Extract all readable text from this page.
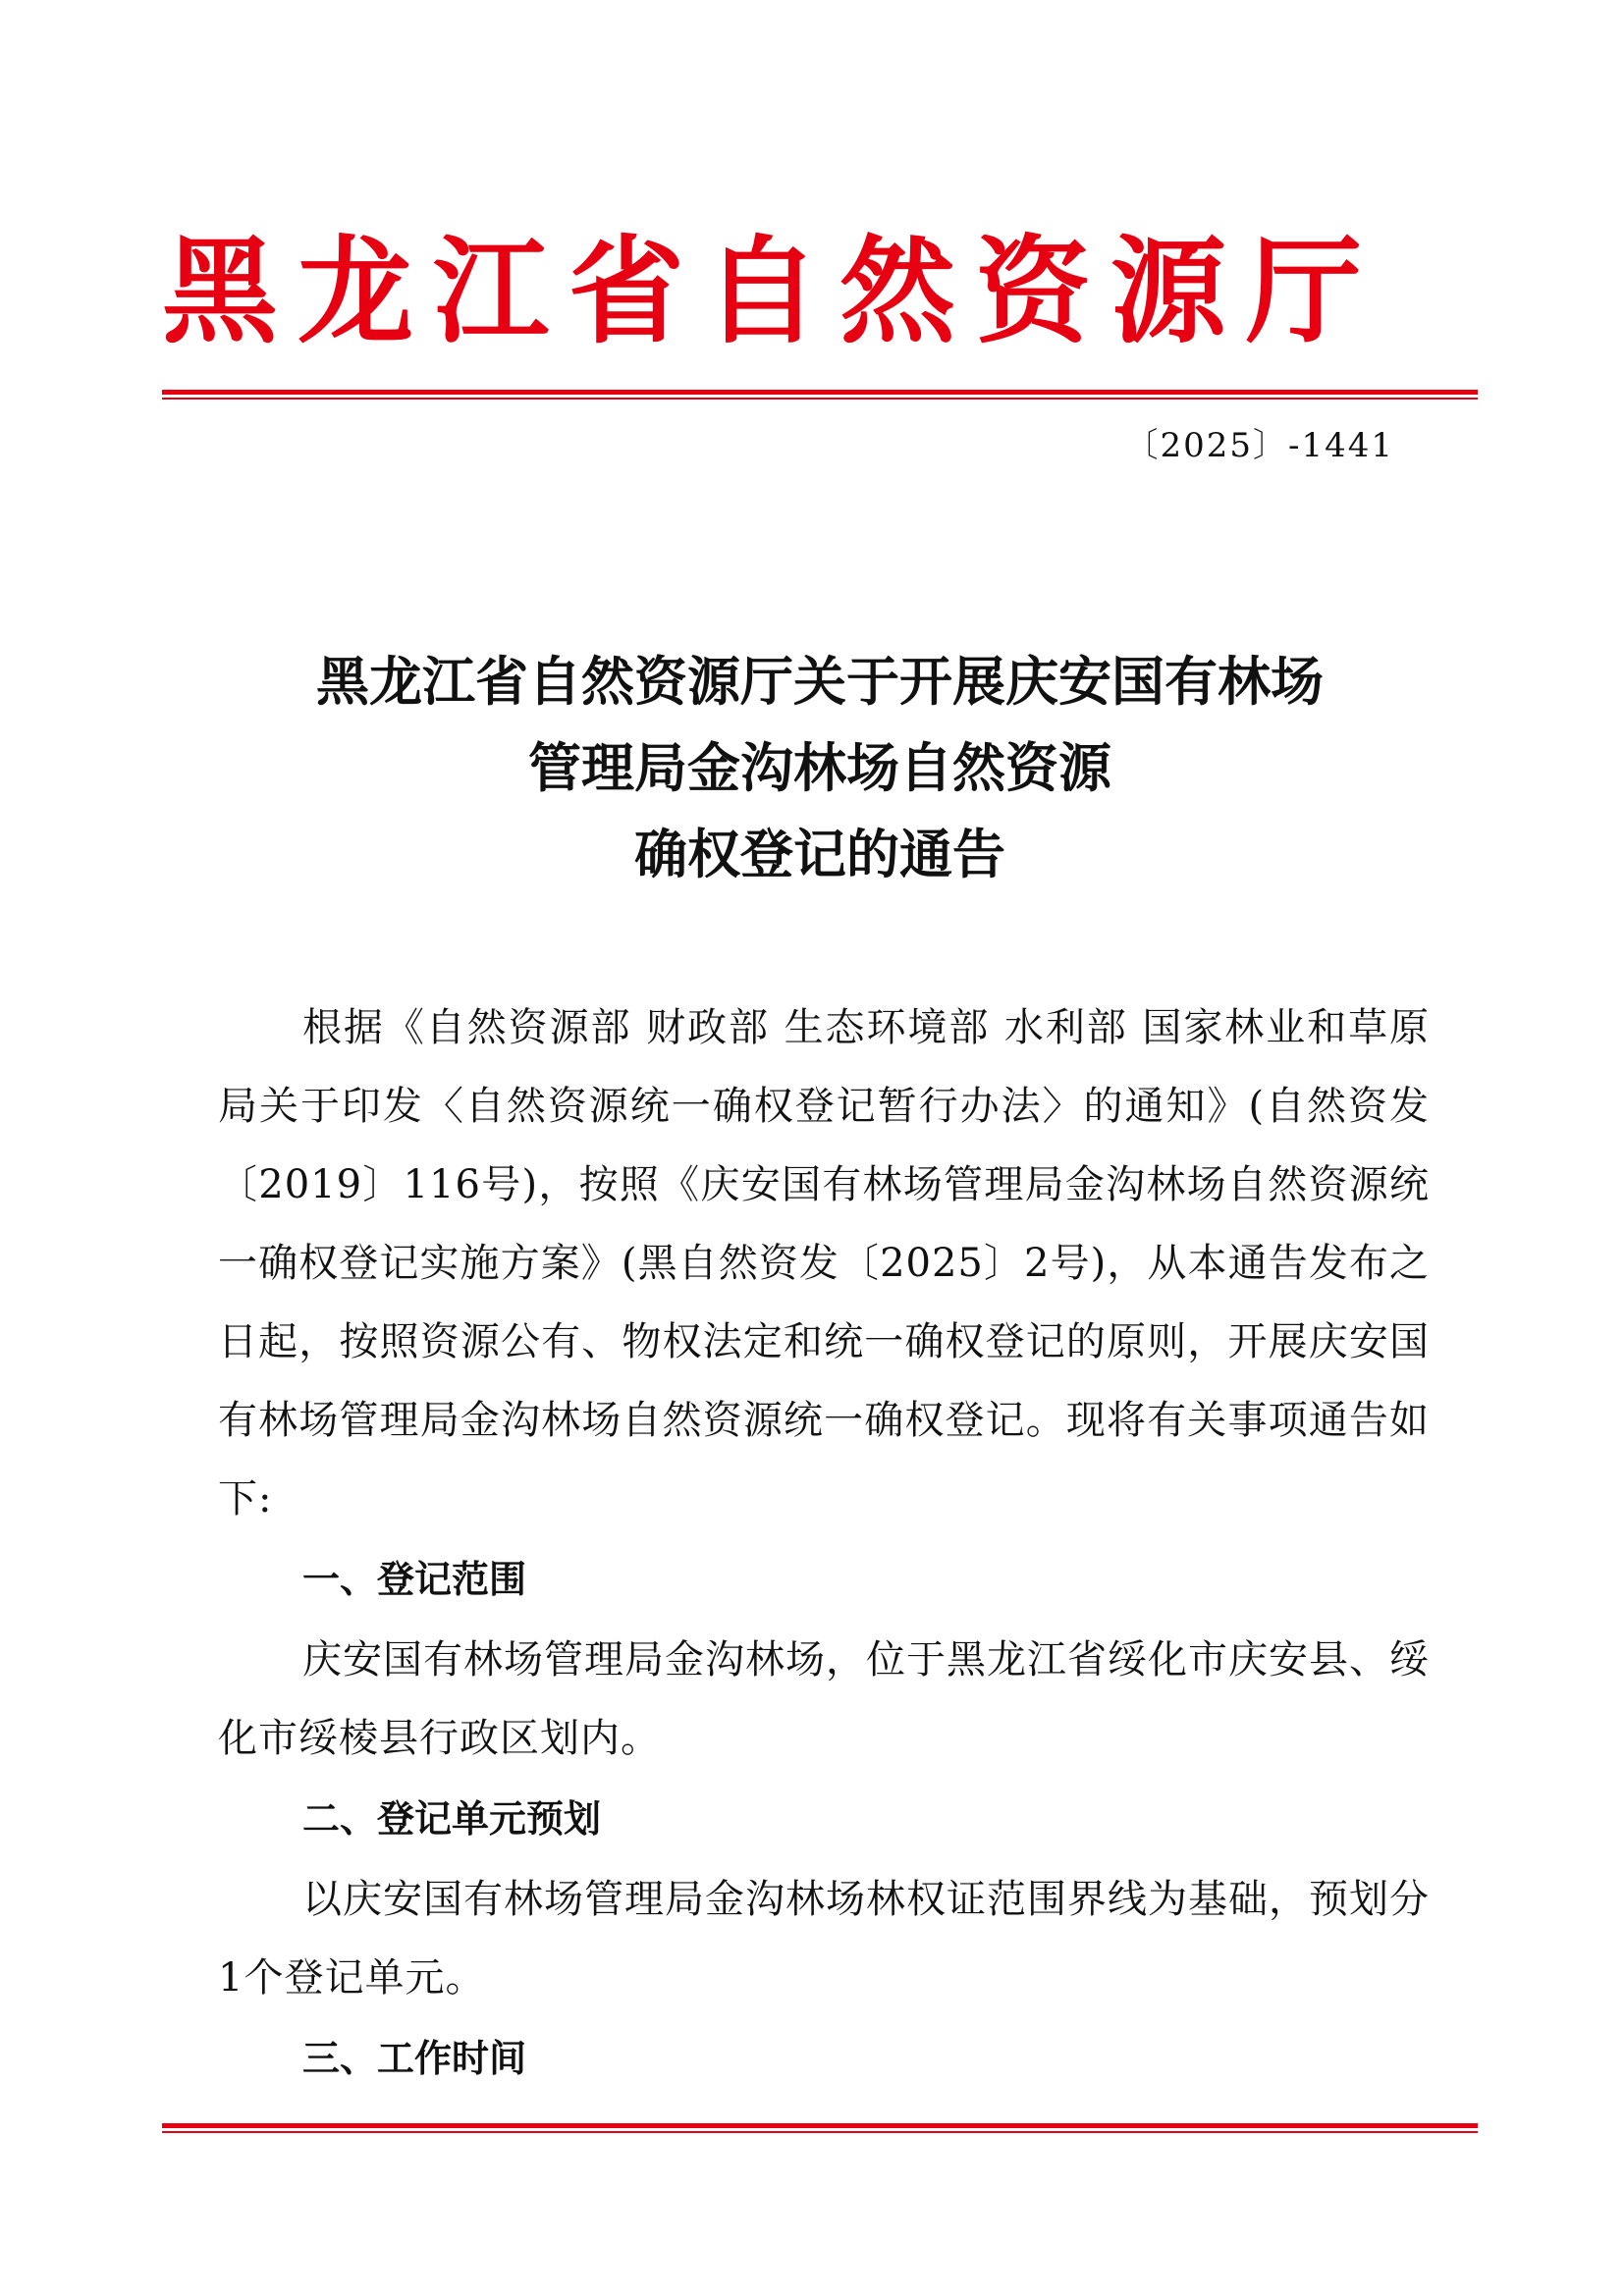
黑龙江省自然资源厅

〔2025〕-1441

黑龙江省自然资源厅关于开展庆安国有林场
管理局金沟林场自然资源
确权登记的通告

根据《自然资源部 财政部 生态环境部 水利部 国家林业和草原局关于印发〈自然资源统一确权登记暂行办法〉的通知》(自然资发〔2019〕116号)，按照《庆安国有林场管理局金沟林场自然资源统一确权登记实施方案》(黑自然资发〔2025〕2号)，从本通告发布之日起，按照资源公有、物权法定和统一确权登记的原则，开展庆安国有林场管理局金沟林场自然资源统一确权登记。现将有关事项通告如下:

一、登记范围

庆安国有林场管理局金沟林场，位于黑龙江省绥化市庆安县、绥化市绥棱县行政区划内。

二、登记单元预划

以庆安国有林场管理局金沟林场林权证范围界线为基础，预划分1个登记单元。

三、工作时间
